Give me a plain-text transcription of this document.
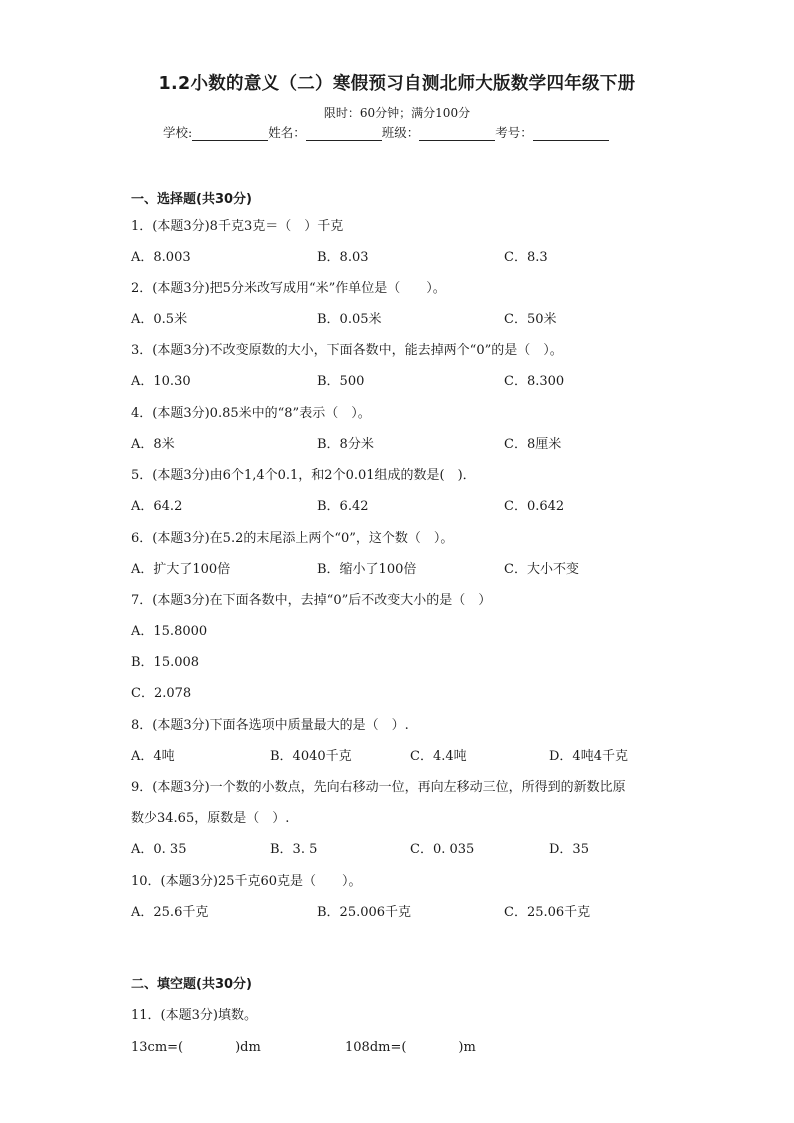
1.2小数的意义（二）寒假预习自测北师大版数学四年级下册
限时：60分钟；满分100分
学校:	姓名：	班级：	考号：
一、选择题(共30分)
1．(本题3分)8千克3克＝（　）千克
A．8.003	B．8.03	C．8.3
2．(本题3分)把5分米改写成用“米”作单位是（　　）。
A．0.5米	B．0.05米	C．50米
3．(本题3分)不改变原数的大小，下面各数中，能去掉两个“0”的是（　）。
A．10.30	B．500	C．8.300
4．(本题3分)0.85米中的“8”表示（　）。
A．8米	B．8分米	C．8厘米
5．(本题3分)由6个1,4个0.1，和2个0.01组成的数是(　)．
A．64.2	B．6.42	C．0.642
6．(本题3分)在5.2的末尾添上两个“0”，这个数（　）。
A．扩大了100倍	B．缩小了100倍	C．大小不变
7．(本题3分)在下面各数中，去掉“0”后不改变大小的是（　）
A．15.8000
B．15.008
C．2.078
8．(本题3分)下面各选项中质量最大的是（　）.
A．4吨	B．4040千克	C．4.4吨	D．4吨4千克
9．(本题3分)一个数的小数点，先向右移动一位，再向左移动三位，所得到的新数比原
数少34.65，原数是（　）.
A．0. 35	B．3. 5	C．0. 035	D．35
10．(本题3分)25千克60克是（　　）。
A．25.6千克	B．25.006千克	C．25.06千克
二、填空题(共30分)
11．(本题3分)填数。
13cm=(　　　　)dm	108dm=(　　　　)m
